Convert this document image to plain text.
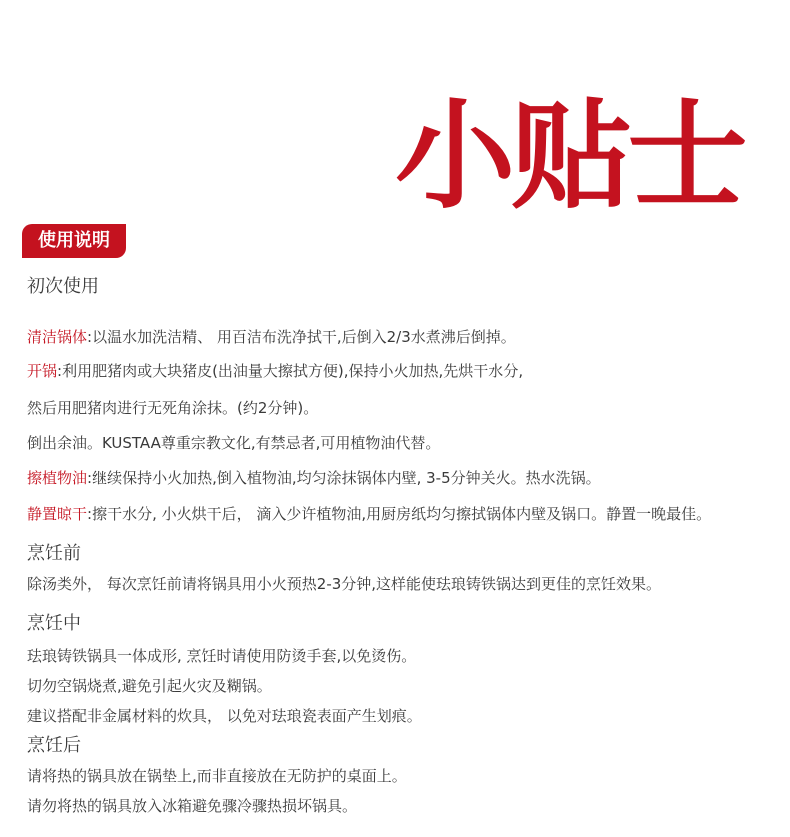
小贴士
使用说明
初次使用
清洁锅体:以温水加洗洁精、 用百洁布洗净拭干,后倒入2/3水煮沸后倒掉。
开锅:利用肥猪肉或大块猪皮(出油量大擦拭方便),保持小火加热,先烘干水分,
然后用肥猪肉进行无死角涂抹。(约2分钟)。
倒出余油。KUSTAA尊重宗教文化,有禁忌者,可用植物油代替。
擦植物油:继续保持小火加热,倒入植物油,均匀涂抹锅体内壁, 3-5分钟关火。热水洗锅。
静置晾干:擦干水分, 小火烘干后， 滴入少许植物油,用厨房纸均匀擦拭锅体内壁及锅口。静置一晚最佳。
烹饪前
除汤类外， 每次烹饪前请将锅具用小火预热2-3分钟,这样能使珐琅铸铁锅达到更佳的烹饪效果。
烹饪中
珐琅铸铁锅具一体成形, 烹饪时请使用防烫手套,以免烫伤。
切勿空锅烧煮,避免引起火灾及糊锅。
建议搭配非金属材料的炊具， 以免对珐琅瓷表面产生划痕。
烹饪后
请将热的锅具放在锅垫上,而非直接放在无防护的桌面上。
请勿将热的锅具放入冰箱避免骤冷骤热损坏锅具。
